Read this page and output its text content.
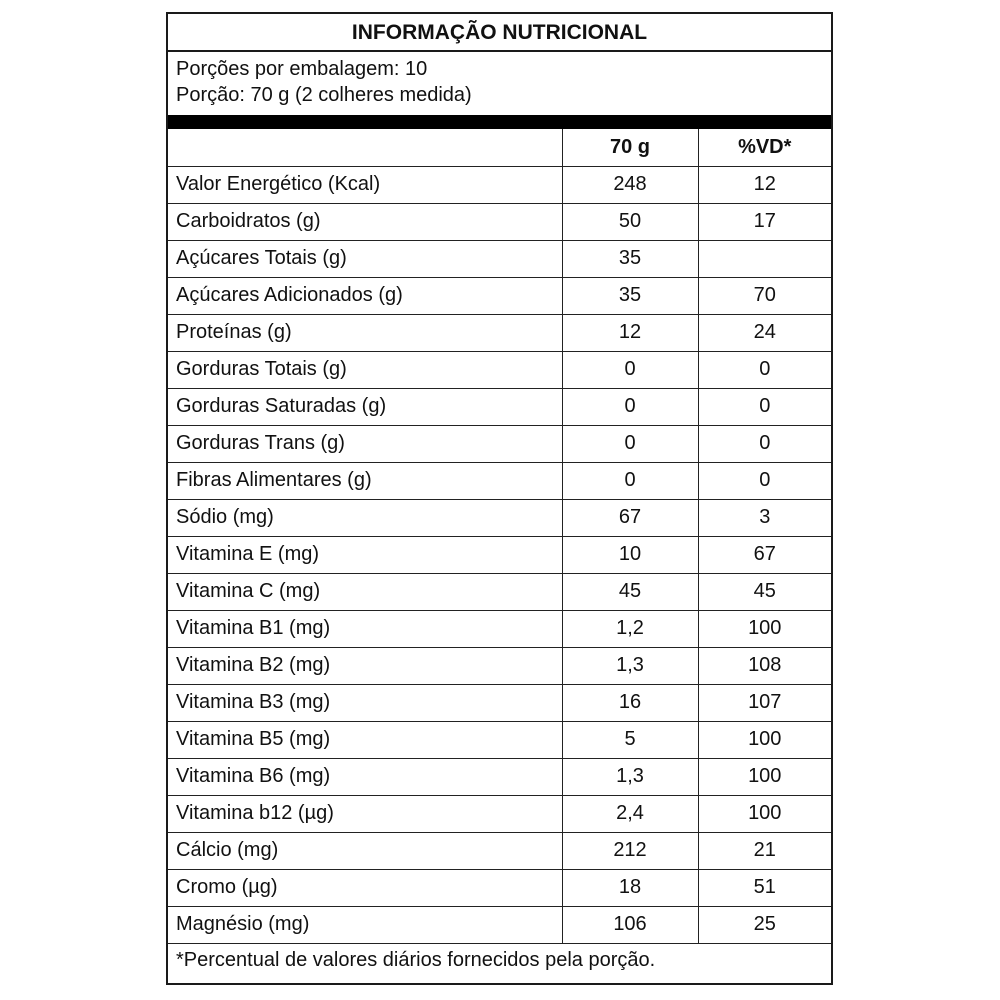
INFORMAÇÃO NUTRICIONAL
Porções por embalagem: 10
Porção: 70 g (2 colheres medida)
	70 g	%VD*
Valor Energético (Kcal)	248	12
Carboidratos (g)	50	17
Açúcares Totais (g)	35	
Açúcares Adicionados (g)	35	70
Proteínas (g)	12	24
Gorduras Totais (g)	0	0
Gorduras Saturadas (g)	0	0
Gorduras Trans (g)	0	0
Fibras Alimentares (g)	0	0
Sódio (mg)	67	3
Vitamina E (mg)	10	67
Vitamina C (mg)	45	45
Vitamina B1 (mg)	1,2	100
Vitamina B2 (mg)	1,3	108
Vitamina B3 (mg)	16	107
Vitamina B5 (mg)	5	100
Vitamina B6 (mg)	1,3	100
Vitamina b12 (µg)	2,4	100
Cálcio (mg)	212	21
Cromo (µg)	18	51
Magnésio (mg)	106	25
*Percentual de valores diários fornecidos pela porção.
